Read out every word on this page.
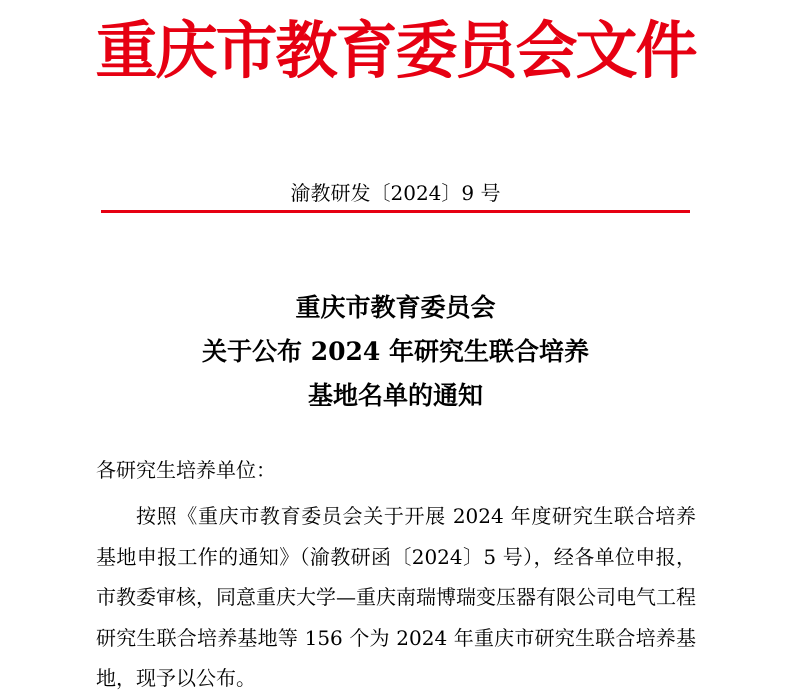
重庆市教育委员会文件
渝教研发〔2024〕9 号
重庆市教育委员会
关于公布 2024 年研究生联合培养
基地名单的通知
各研究生培养单位：

按照《重庆市教育委员会关于开展 2024 年度研究生联合培养基地申报工作的通知》（渝教研函〔2024〕5 号），经各单位申报，市教委审核，同意重庆大学—重庆南瑞博瑞变压器有限公司电气工程研究生联合培养基地等 156 个为 2024 年重庆市研究生联合培养基地，现予以公布。
